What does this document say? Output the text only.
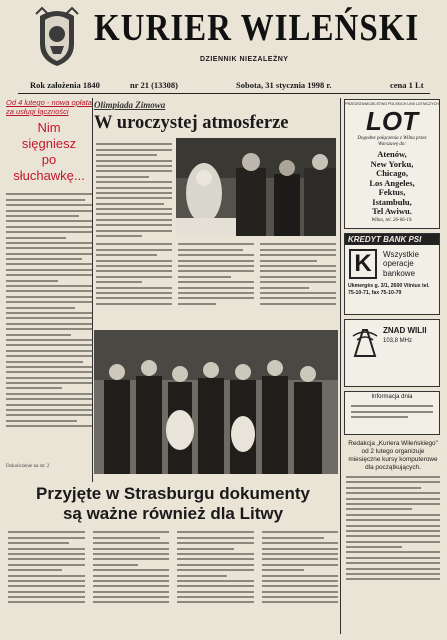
KURIER WILEŃSKI
DZIENNIK NIEZALEŻNY
Rok założenia 1840	nr 21 (13308)	Sobota, 31 stycznia 1998 r.	cena 1 Lt
Od 4 lutego - nowa opłata za usługi łączności
Nim
sięgniesz
po
słuchawkę...
Dokończenie na str. 2
Olimpiada Zimowa
W uroczystej atmosferze
Przyjęte w Strasburgu dokumenty
są ważne również dla Litwy
PRZEDSTAWICIELSTWO POLSKICH LINII LOTNICZYCH
LOT
Dogodne połączenia z Wilna przez Warszawę do:
Atenów,
New Yorku,
Chicago,
Los Angeles,
Fektus,
Istambułu,
Tel Awiwu.
Wilno, tel. 26-06-19.
KREDYT BANK PSI
K	Wszystkie
operacje
bankowe
Ukmergės g. 3/1, 2600 Vilnius tel. 75-10-71, fax 75-10-79
ZNAD WILII
103,8 MHz
Informacja dnia
Redakcja „Kuriera Wileńskiego” od 2 lutego organizuje miesięczne kursy komputerowe dla początkujących.
